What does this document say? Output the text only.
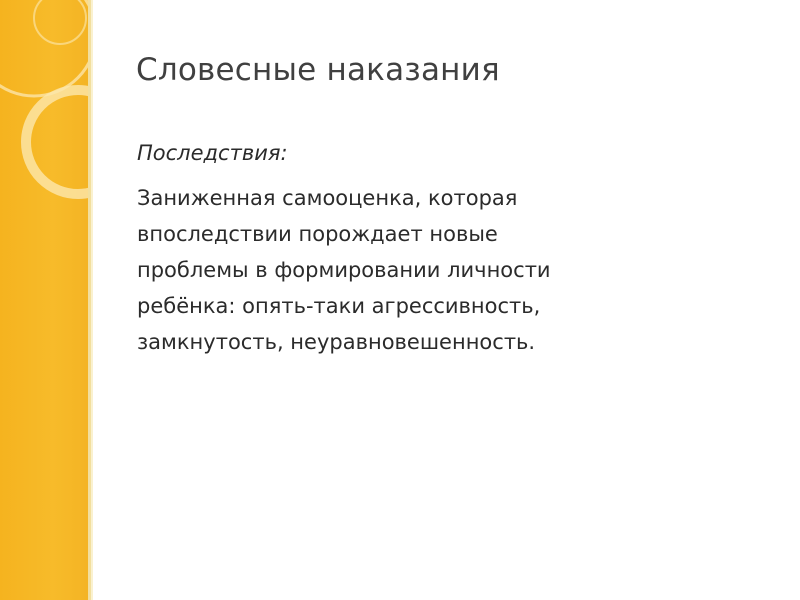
Словесные наказания

Последствия:

Заниженная самооценка, которая
впоследствии порождает новые
проблемы в формировании личности
ребёнка: опять-таки агрессивность,
замкнутость, неуравновешенность.
